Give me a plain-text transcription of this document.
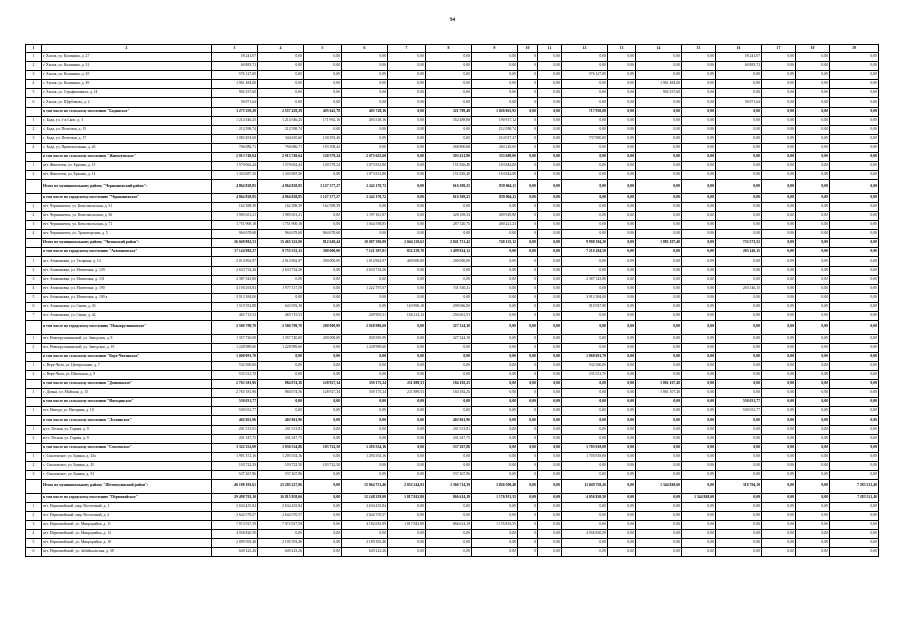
94
1	2	3	4	5	6	7	8	9	10	11	12	13	14	15	16	17	18	19
1	г. Хилок, ул. Калинина, д. 27	58 241,07	0,00	0,00	0,00	0,00	0,00	0,00	0	0,00	0,00	0,00	0,00	0,00	58 241,07	0,00	0,00	0,00
2	г. Хилок, ул. Калинина, д. 31	60 883,72	0,00	0,00	0,00	0,00	0,00	0,00	0	0,00	0,00	0,00	0,00	0,00	60 883,72	0,00	0,00	0,00
3	г. Хилок, ул. Калинина, д. 45	576 127,00	0,00	0,00	0,00	0,00	0,00	0,00	0	0,00	576 127,00	0,00	0,00	0,00	0,00	0,00	0,00	0,00
4	г. Хилок, ул. Калинина, д. 49	1 961 484,00	0,00	0,00	0,00	0,00	0,00	0,00	0	0,00	0,00	0,00	1 961 484,00	0,00	0,00	0,00	0,00	0,00
5	г. Хилок, ул. Серафимовича, д. 14	902 337,60	0,00	0,00	0,00	0,00	0,00	0,00	0	0,00	0,00	0,00	902 337,60	0,00	0,00	0,00	0,00	0,00
6	г. Хилок, ул. Щербакова, д. 2	56 971,64	0,00	0,00	0,00	0,00	0,00	0,00	0	0,00	0,00	0,00	0,00	0,00	56 971,64	0,00	0,00	0,00
	в том числе по сельскому поселению "Бадинское"	3 275 359,29	2 557 429,29	495 643,78	495 728,16	0,00	321 789,48	1 026 063,95	0,00	0,00	717 930,00	0,00	0,00	0,00	0,00	0,00	0,00	0,00
1	с. Бада, ул. 1-я Скоп, д. 3	1 214 546,25	1 214 546,25	171 992,16	493 518,16	0,00	352 488,80	190 917,12	0	0,00	0,00	0,00	0,00	0,00	0,00	0,00	0,00	0,00
2	с. Бада, ул. Почтовая, д. 15	212 598,74	212 598,74	0,00	0,00	0,00	0,00	212 598,74	0	0,00	0,00	0,00	0,00	0,00	0,00	0,00	0,00	0,00
3	с. Бада, ул. Почтовая, д. 17	1 082 493,60	344 610,60	130 593,40	0,00	0,00	0,00	214 017,47	0	0,00	737 880,00	0,00	0,00	0,00	0,00	0,00	0,00	0,00
4	с. Бада, ул. Привокзальная, д. 26	766 086,71	766 086,71	193 108,42	0,00	0,00	268 800,68	304 120,65	0	0,00	0,00	0,00	0,00	0,00	0,00	0,00	0,00	0,00
	в том числе по сельскому поселению "Жипхегенское"	2 913 749,64	2 913 749,64	120 579,24	2 073 625,60	0,00	393 431,80	333 688,00	0,00	0,00	0,00	0,00	0,00	0,00	0,00	0,00	0,00	0,00
1	пгт. Жипхеген, ул. Ершова, д. 15	1 570 062,44	1 570 062,44	120 579,24	1 073 812,80	0,00	151 826,40	163 844,00	0	0,00	0,00	0,00	0,00	0,00	0,00	0,00	0,00	0,00
2	пгт. Жипхеген, ул. Ершова, д. 14	1 343 687,20	1 343 687,20	0,00	1 073 812,80	0,00	151 826,40	163 844,00	0	0,00	0,00	0,00	0,00	0,00	0,00	0,00	0,00	0,00
	Итого по муниципальному району "Чернышевский район":	4 864 828,85	4 864 828,85	1 127 377,27	2 242 170,72	0,00	616 309,25	859 064,11	0,00	0,00	0,00	0,00	0,00	0,00	0,00	0,00	0,00	0,00
	в том числе по городскому поселению "Чернышевское"	4 864 828,85	4 864 828,85	1 127 377,27	2 242 170,72	0,00	616 309,25	859 064,11	0,00	0,00	0,00	0,00	0,00	0,00	0,00	0,00	0,00	0,00
1	пгт. Чернышевск, ул. Комсомольская, д. 31	162 398,39	162 398,39	162 398,39	0,00	0,00	0,00	0,00	0	0,00	0,00	0,00	0,00	0,00	0,00	0,00	0,00	0,00
2	пгт. Чернышевск, ул. Комсомольская, д. 36	1 985 651,21	1 985 651,21	0,00	1 197 611,87	0,00	328 109,54	459 929,80	0	0,00	0,00	0,00	0,00	0,00	0,00	0,00	0,00	0,00
3	пгт. Чернышевск, ул. Комсомольская, д. 71	1 751 900,18	1 751 900,18	0,00	1 044 558,85	0,00	287 120,75	400 221,23	0	0,00	0,00	0,00	0,00	0,00	0,00	0,00	0,00	0,00
4	пгт. Чернышевск, ул. Транспортная, д. 5	964 678,68	964 678,68	964 678,68	0,00	0,00	0,00	0,00	0	0,00	0,00	0,00	0,00	0,00	0,00	0,00	0,00	0,00
	Итого по муниципальному району "Читинский район":	26 049 802,53	15 465 322,00	812 649,44	10 007 396,80	2 044 129,62	2 841 731,42	740 125,12	0,00	0,00	9 990 184,20	0,00	1 881 107,40	0,00	733 573,52	0,00	0,00	0,00
	в том числе по городскому поселению "Атамановское"	17 124 982,37	9 755 552,32	390 000,00	7 121 397,81	832 239,70	1 499 814,12	0,00	0,00	0,00	7 216 284,50	0,00	0,00	0,00	203 146,15	0,00	0,00	0,00
1	пгт. Атамановка, ул. Гагарина, д. 14	2 014 962,97	2 014 962,97	390 000,00	1 014 962,97	409 690,00	200 000,00	0,00	0	0,00	0,00	0,00	0,00	0,00	0,00	0,00	0,00	0,00
2	пгт. Атамановка, ул. Матюгина, д. 129	2 633 732,26	2 633 732,26	0,00	2 633 732,26	0,00	0,00	0,00	0	0,00	0,00	0,00	0,00	0,00	0,00	0,00	0,00	0,00
3	пгт. Атамановка, ул. Матюгина, д. 131	2 387 543,80	0,00	0,00	0,00	0,00	0,00	0,00	0	0,00	2 387 543,80	0,00	0,00	0,00	0,00	0,00	0,00	0,00
4	пгт. Атамановка, ул. Матюгина, д. 190	4 190 293,83	1 977 117,59	0,00	1 222 797,07	0,00	741 330,21	0,00	0	0,00	0,00	0,00	0,00	0,00	203 146,15	0,00	0,00	0,00
5	пгт. Атамановка, ул. Матюгина, д. 190 а	3 912 384,00	0,00	0,00	0,00	0,00	0,00	0,00	0	0,00	3 912 384,00	0,00	0,00	0,00	0,00	0,00	0,00	0,00
6	пгт. Атамановка, ул. Связи, д. 43	1 519 552,88	643 595,18	0,00	0,00	163 996,18	298 066,00	0,00	0	0,00	915 927,90	0,00	0,00	0,00	0,00	0,00	0,00	0,00
7	пгт. Атамановка, ул. Связи, д. 42	465 715,53	465 715,53	0,00	249 905,51	106 214,12	256 661,91	0,00	0	0,00	0,00	0,00	0,00	0,00	0,00	0,00	0,00	0,00
	в том числе по городскому поселению "Новокручининское"	2 586 709,70	2 586 709,70	200 000,00	2 028 986,60	0,00	327 324,10	0,00	0,00	0,00	0,00	0,00	0,00	0,00	0,00	0,00	0,00	0,00
1	пгт. Новокручининский, ул. Заводская, д. 8	1 357 720,00	1 357 720,00	200 000,00	830 595,90	0,00	327 324,10	0,00	0	0,00	0,00	0,00	0,00	0,00	0,00	0,00	0,00	0,00
2	пгт. Новокручининский, ул. Заводская, д. 19	1 228 989,60	1 228 989,60	0,00	1 228 989,60	0,00	0,00	0,00	0	0,00	0,00	0,00	0,00	0,00	0,00	0,00	0,00	0,00
	в том числе по сельскому поселению "Верх-Читинское"	1 068 091,70	0,00	0,00	0,00	0,00	0,00	0,00	0,00	0,00	1 068 091,70	0,00	0,00	0,00	0,00	0,00	0,00	0,00
1	с. Верх-Чита, ул. Центральная, д. 7	532 560,00	0,00	0,00	0,00	0,00	0,00	0,00	0	0,00	532 560,00	0,00	0,00	0,00	0,00	0,00	0,00	0,00
2	с. Верх-Чита, ул. Школьная, д. 8	535 531,70	0,00	0,00	0,00	0,00	0,00	0,00	0	0,00	535 531,70	0,00	0,00	0,00	0,00	0,00	0,00	0,00
	в том числе по сельскому поселению "Домнинское"	2 765 381,96	884 074,36	128 927,34	359 175,24	211 889,53	184 182,25	0,00	0,00	0,00	0,00	0,00	1 881 107,40	0,00	0,00	0,00	0,00	0,00
1	с. Домна, ул. Майская, д. 15	2 765 181,96	884 074,56	128 927,34	359 175,24	211 889,53	184 182,25	0,00	0	0,00	0,00	0,00	1 881 107,40	0,00	0,00	0,00	0,00	0,00
	в том числе по сельскому поселению "Ингодинское"	530 031,77	0,00	0,00	0,00	0,00	0,00	0,00	0,00	0,00	0,00	0,00	0,00	0,00	530 031,77	0,00	0,00	0,00
1	пст. Ингода, ул. Нагорная, д. 10	530 031,77	0,00	0,00	0,00	0,00	0,00	0,00	0	0,00	0,00	0,00	0,00	0,00	530 031,77	0,00	0,00	0,00
	в том числе по сельскому поселению "Леснинское"	402 861,96	402 861,96	0,00	0,00	0,00	402 861,96	0,00	0,00	0,00	0,00	0,00	0,00	0,00	0,00	0,00	0,00	0,00
1	н/ст. Лесная, ул. Горная, д. 9	201 513,81	201 513,81	0,00	0,00	0,00	201 513,81	0,00	0	0,00	0,00	0,00	0,00	0,00	0,00	0,00	0,00	0,00
2	н/ст. Лесная, ул. Горная, д. 9	201 347,75	201 347,75	0,00	0,00	0,00	201 347,75	0,00	0	0,00	0,00	0,00	0,00	0,00	0,00	0,00	0,00	0,00
	в том числе по сельскому поселению "Смоленское"	3 322 352,09	1 836 534,86	103 722,50	1 295 554,16	0,00	537 267,86	0,00	0,00	0,00	1 705 818,00	0,00	0,00	0,00	0,00	0,00	0,00	0,00
1	с. Смоленское, ул. Буянка, д. 43а	1 981 372,16	1 295 554,16	0,00	1 295 554,16	0,00	0,00	0,00	0	0,00	1 705 818,00	0,00	0,00	0,00	0,00	0,00	0,00	0,00
2	с. Смоленское, ул. Буянка, д. 45	103 722,50	103 722,50	103 722,50	0,00	0,00	0,00	0,00	0	0,00	0,00	0,00	0,00	0,00	0,00	0,00	0,00	0,00
3	с. Смоленское, ул. Буянка, д. 53	537 267,86	537 267,86	0,00	0,00	0,00	537 267,86	0,00	0	0,00	0,00	0,00	0,00	0,00	0,00	0,00	0,00	0,00
	Итого по муниципальному району "Шелопугинский район":	46 188 103,61	23 205 227,86	0,00	15 964 751,46	2 052 244,93	1 366 714,39	3 826 508,48	0,00	0,00	11 049 758,26	0,00	1 344 849,60	0,00	316 794,10	0,00	0,00	7 283 521,40
	в том числе по городскому поселению "Первомайское"	29 498 792,10	16 815 958,66	0,00	12 148 259,00	1 817 843,80	866 614,19	1 176 931,55	0,00	0,00	4 056 820,50	0,00	0,00	1 344 849,60	0,00	0,00	0,00	7 283 521,40
1	пгт. Первомайский, мкр. Восточный, д. 1	2 634 435,84	2 634 435,84	0,00	2 634 435,84	0,00	0,00	0,00	0	0,00	0,00	0,00	0,00	0,00	0,00	0,00	0,00	0,00
2	пгт. Первомайский, мкр. Восточный, д. 2	2 642 570,57	2 642 570,57	0,00	2 642 570,57	0,00	0,00	0,00	0	0,00	0,00	0,00	0,00	0,00	0,00	0,00	0,00	0,00
3	пгт. Первомайский, ул. Микрорайон, д. 11	7 972 927,59	7 972 927,59	0,00	4 182 635,99	1 817 843,80	866 614,19	1 176 833,55	0	0,00	0,00	0,00	0,00	0,00	0,00	0,00	0,00	0,00
4	пгт. Первомайский, ул. Микрорайон, д. 13	4 056 820,50	0,00	0,00	0,00	0,00	0,00	0,00	0	0,00	4 056 820,50	0,00	0,00	0,00	0,00	0,00	0,00	0,00
5	пгт. Первомайский, ул. Микрорайон, д. 18	2 899 393,46	2 195 393,46	0,00	2 189 393,46	0,00	0,00	0,00	0	0,00	0,00	0,00	0,00	0,00	0,00	0,00	0,00	0,00
6	пгт. Первомайский, ул. Забайкальская, д. 38	649 223,26	649 223,26	0,00	649 223,26	0,00	0,00	0,00	0	0,00	0,00	0,00	0,00	0,00	0,00	0,00	0,00	0,00
